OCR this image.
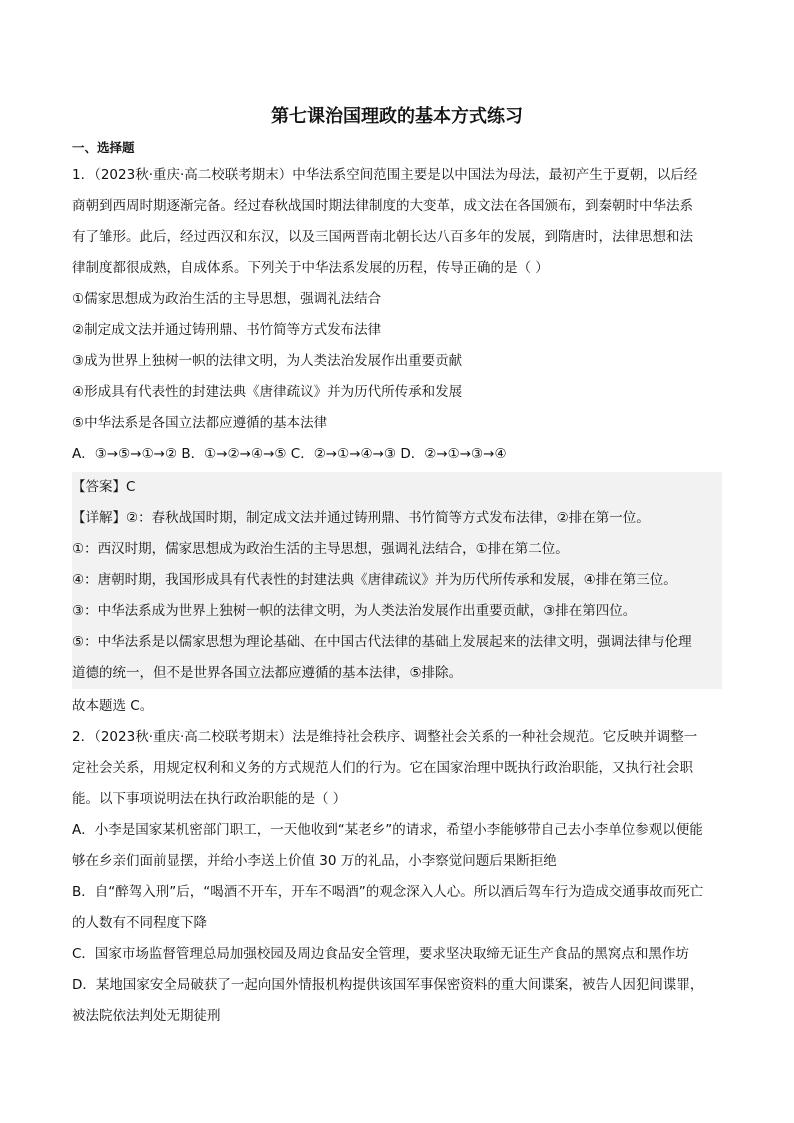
第七课治国理政的基本方式练习
一、选择题
1．（2023秋·重庆·高二校联考期末）中华法系空间范围主要是以中国法为母法，最初产生于夏朝，以后经
商朝到西周时期逐渐完备。经过春秋战国时期法律制度的大变革，成文法在各国颁布，到秦朝时中华法系
有了雏形。此后，经过西汉和东汉，以及三国两晋南北朝长达八百多年的发展，到隋唐时，法律思想和法
律制度都很成熟，自成体系。下列关于中华法系发展的历程，传导正确的是（ ）
①儒家思想成为政治生活的主导思想，强调礼法结合
②制定成文法并通过铸刑鼎、书竹简等方式发布法律
③成为世界上独树一帜的法律文明，为人类法治发展作出重要贡献
④形成具有代表性的封建法典《唐律疏议》并为历代所传承和发展
⑤中华法系是各国立法都应遵循的基本法律
A．③→⑤→①→② B．①→②→④→⑤ C．②→①→④→③ D．②→①→③→④
【答案】C
【详解】②：春秋战国时期，制定成文法并通过铸刑鼎、书竹简等方式发布法律，②排在第一位。
①：西汉时期，儒家思想成为政治生活的主导思想，强调礼法结合，①排在第二位。
④：唐朝时期，我国形成具有代表性的封建法典《唐律疏议》并为历代所传承和发展，④排在第三位。
③：中华法系成为世界上独树一帜的法律文明，为人类法治发展作出重要贡献，③排在第四位。
⑤：中华法系是以儒家思想为理论基础、在中国古代法律的基础上发展起来的法律文明，强调法律与伦理
道德的统一，但不是世界各国立法都应遵循的基本法律，⑤排除。
故本题选 C。
2．（2023秋·重庆·高二校联考期末）法是维持社会秩序、调整社会关系的一种社会规范。它反映并调整一
定社会关系，用规定权利和义务的方式规范人们的行为。它在国家治理中既执行政治职能，又执行社会职
能。以下事项说明法在执行政治职能的是（ ）
A．小李是国家某机密部门职工，一天他收到“某老乡”的请求，希望小李能够带自己去小李单位参观以便能
够在乡亲们面前显摆，并给小李送上价值 30 万的礼品，小李察觉问题后果断拒绝
B．自“醉驾入刑”后，“喝酒不开车，开车不喝酒”的观念深入人心。所以酒后驾车行为造成交通事故而死亡
的人数有不同程度下降
C．国家市场监督管理总局加强校园及周边食品安全管理，要求坚决取缔无证生产食品的黑窝点和黑作坊
D．某地国家安全局破获了一起向国外情报机构提供该国军事保密资料的重大间谍案，被告人因犯间谍罪，
被法院依法判处无期徒刑
